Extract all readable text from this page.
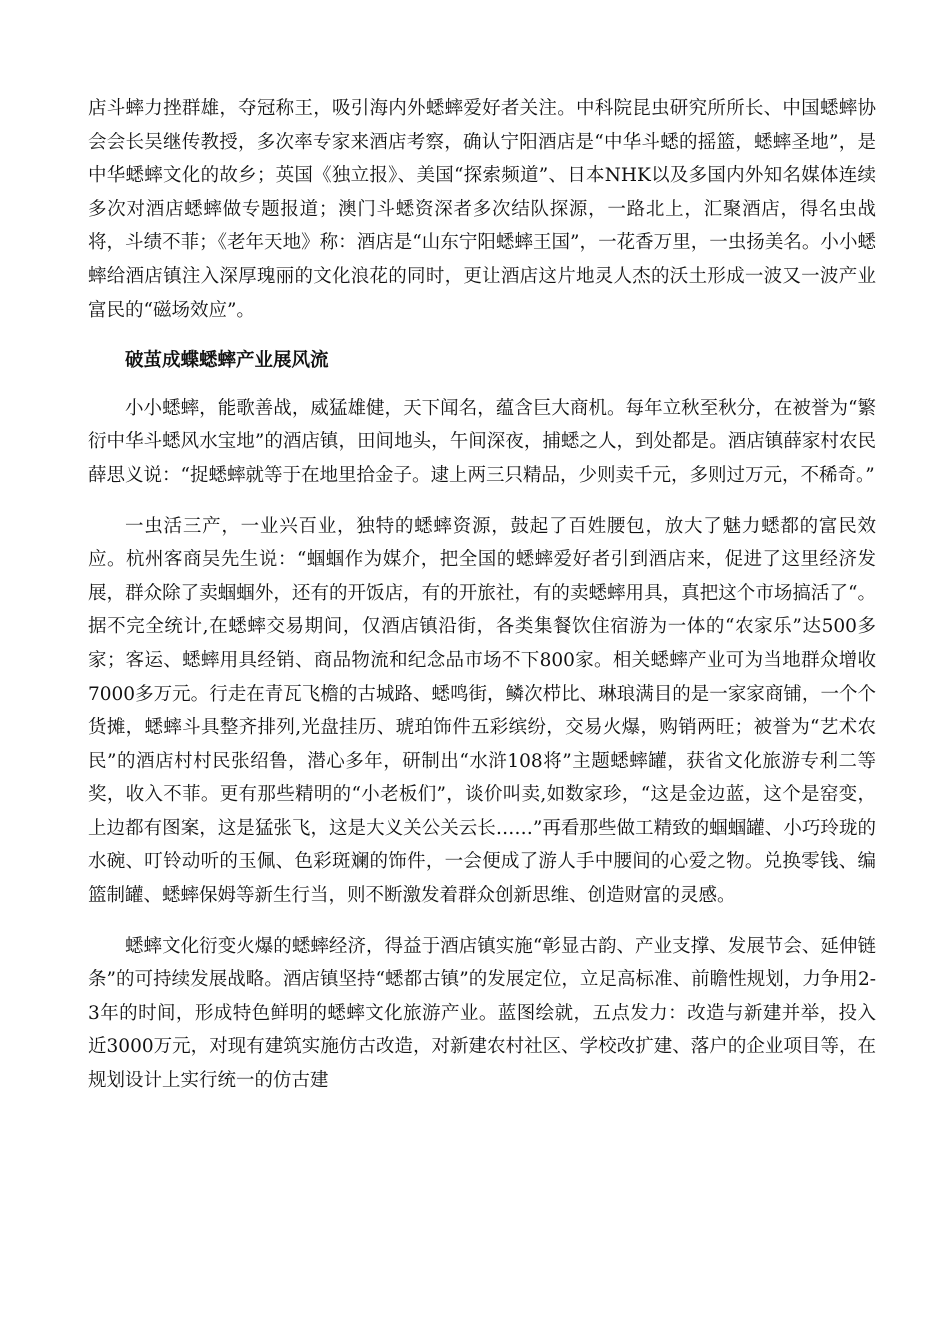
店斗蟀力挫群雄，夺冠称王，吸引海内外蟋蟀爱好者关注。中科院昆虫研究所所长、中国蟋蟀协会会长吴继传教授，多次率专家来酒店考察，确认宁阳酒店是“中华斗蟋的摇篮，蟋蟀圣地”，是中华蟋蟀文化的故乡；英国《独立报》、美国“探索频道”、日本NHK以及多国内外知名媒体连续多次对酒店蟋蟀做专题报道；澳门斗蟋资深者多次结队探源，一路北上，汇聚酒店，得名虫战将，斗绩不菲；《老年天地》称：酒店是“山东宁阳蟋蟀王国”，一花香万里，一虫扬美名。小小蟋蟀给酒店镇注入深厚瑰丽的文化浪花的同时，更让酒店这片地灵人杰的沃土形成一波又一波产业富民的“磁场效应”。

破茧成蝶蟋蟀产业展风流

小小蟋蟀，能歌善战，威猛雄健，天下闻名，蕴含巨大商机。每年立秋至秋分，在被誉为“繁衍中华斗蟋风水宝地”的酒店镇，田间地头，午间深夜，捕蟋之人，到处都是。酒店镇薛家村农民薛思义说：“捉蟋蟀就等于在地里拾金子。逮上两三只精品，少则卖千元，多则过万元，不稀奇。”

一虫活三产，一业兴百业，独特的蟋蟀资源，鼓起了百姓腰包，放大了魅力蟋都的富民效应。杭州客商吴先生说：“蝈蝈作为媒介，把全国的蟋蟀爱好者引到酒店来，促进了这里经济发展，群众除了卖蝈蝈外，还有的开饭店，有的开旅社，有的卖蟋蟀用具，真把这个市场搞活了“。据不完全统计,在蟋蟀交易期间，仅酒店镇沿街，各类集餐饮住宿游为一体的“农家乐”达500多家；客运、蟋蟀用具经销、商品物流和纪念品市场不下800家。相关蟋蟀产业可为当地群众增收7000多万元。行走在青瓦飞檐的古城路、蟋鸣街，鳞次栉比、琳琅满目的是一家家商铺，一个个货摊，蟋蟀斗具整齐排列,光盘挂历、琥珀饰件五彩缤纷，交易火爆，购销两旺；被誉为“艺术农民”的酒店村村民张绍鲁，潜心多年，研制出“水浒108将”主题蟋蟀罐，获省文化旅游专利二等奖，收入不菲。更有那些精明的“小老板们”，谈价叫卖,如数家珍，“这是金边蓝，这个是窑变，上边都有图案，这是猛张飞，这是大义关公关云长……”再看那些做工精致的蝈蝈罐、小巧玲珑的水碗、叮铃动听的玉佩、色彩斑斓的饰件，一会便成了游人手中腰间的心爱之物。兑换零钱、编篮制罐、蟋蟀保姆等新生行当，则不断激发着群众创新思维、创造财富的灵感。

蟋蟀文化衍变火爆的蟋蟀经济，得益于酒店镇实施“彰显古韵、产业支撑、发展节会、延伸链条”的可持续发展战略。酒店镇坚持“蟋都古镇”的发展定位，立足高标准、前瞻性规划，力争用2-3年的时间，形成特色鲜明的蟋蟀文化旅游产业。蓝图绘就，五点发力：改造与新建并举，投入近3000万元，对现有建筑实施仿古改造，对新建农村社区、学校改扩建、落户的企业项目等，在规划设计上实行统一的仿古建
